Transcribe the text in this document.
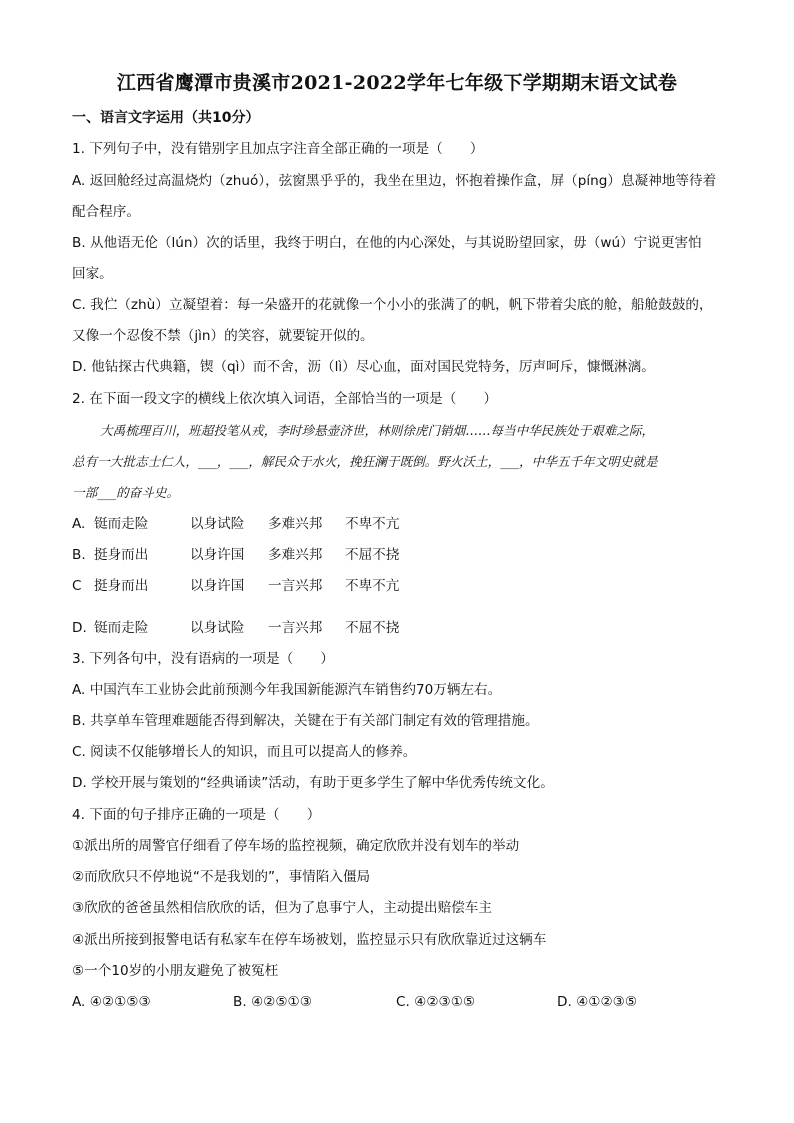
江西省鹰潭市贵溪市2021-2022学年七年级下学期期末语文试卷
一、语言文字运用（共10分）
1. 下列句子中，没有错别字且加点字注音全部正确的一项是（　　）
A. 返回舱经过高温烧灼（zhuó），弦窗黑乎乎的，我坐在里边，怀抱着操作盒，屏（píng）息凝神地等待着
配合程序。
B. 从他语无伦（lún）次的话里，我终于明白，在他的内心深处，与其说盼望回家，毋（wú）宁说更害怕
回家。
C. 我伫（zhù）立凝望着：每一朵盛开的花就像一个小小的张满了的帆，帆下带着尖底的舱，船舱鼓鼓的，
又像一个忍俊不禁（jìn）的笑容，就要锭开似的。
D. 他钻探古代典籍，锲（qì）而不舍，沥（lì）尽心血，面对国民党特务，厉声呵斥，慷慨淋漓。
2. 在下面一段文字的横线上依次填入词语，全部恰当的一项是（　　）
大禹梳理百川，班超投笔从戎，李时珍悬壶济世，林则徐虎门销烟……每当中华民族处于艰难之际，
总有一大批志士仁人，___，___，解民众于水火，挽狂澜于既倒。野火沃土，___，中华五千年文明史就是
一部___的奋斗史。
A. 铤而走险	以身试险	多难兴邦	不卑不亢
B. 挺身而出	以身许国	多难兴邦	不屈不挠
C 挺身而出	以身许国	一言兴邦	不卑不亢
D. 铤而走险	以身试险	一言兴邦	不屈不挠
3. 下列各句中，没有语病的一项是（　　）
A. 中国汽车工业协会此前预测今年我国新能源汽车销售约70万辆左右。
B. 共享单车管理难题能否得到解决，关键在于有关部门制定有效的管理措施。
C. 阅读不仅能够增长人的知识，而且可以提高人的修养。
D. 学校开展与策划的“经典诵读”活动，有助于更多学生了解中华优秀传统文化。
4. 下面的句子排序正确的一项是（　　）
①派出所的周警官仔细看了停车场的监控视频，确定欣欣并没有划车的举动
②而欣欣只不停地说“不是我划的”，事情陷入僵局
③欣欣的爸爸虽然相信欣欣的话，但为了息事宁人，主动提出赔偿车主
④派出所接到报警电话有私家车在停车场被划，监控显示只有欣欣靠近过这辆车
⑤一个10岁的小朋友避免了被冤枉
A. ④②①⑤③	B. ④②⑤①③	C. ④②③①⑤	D. ④①②③⑤
